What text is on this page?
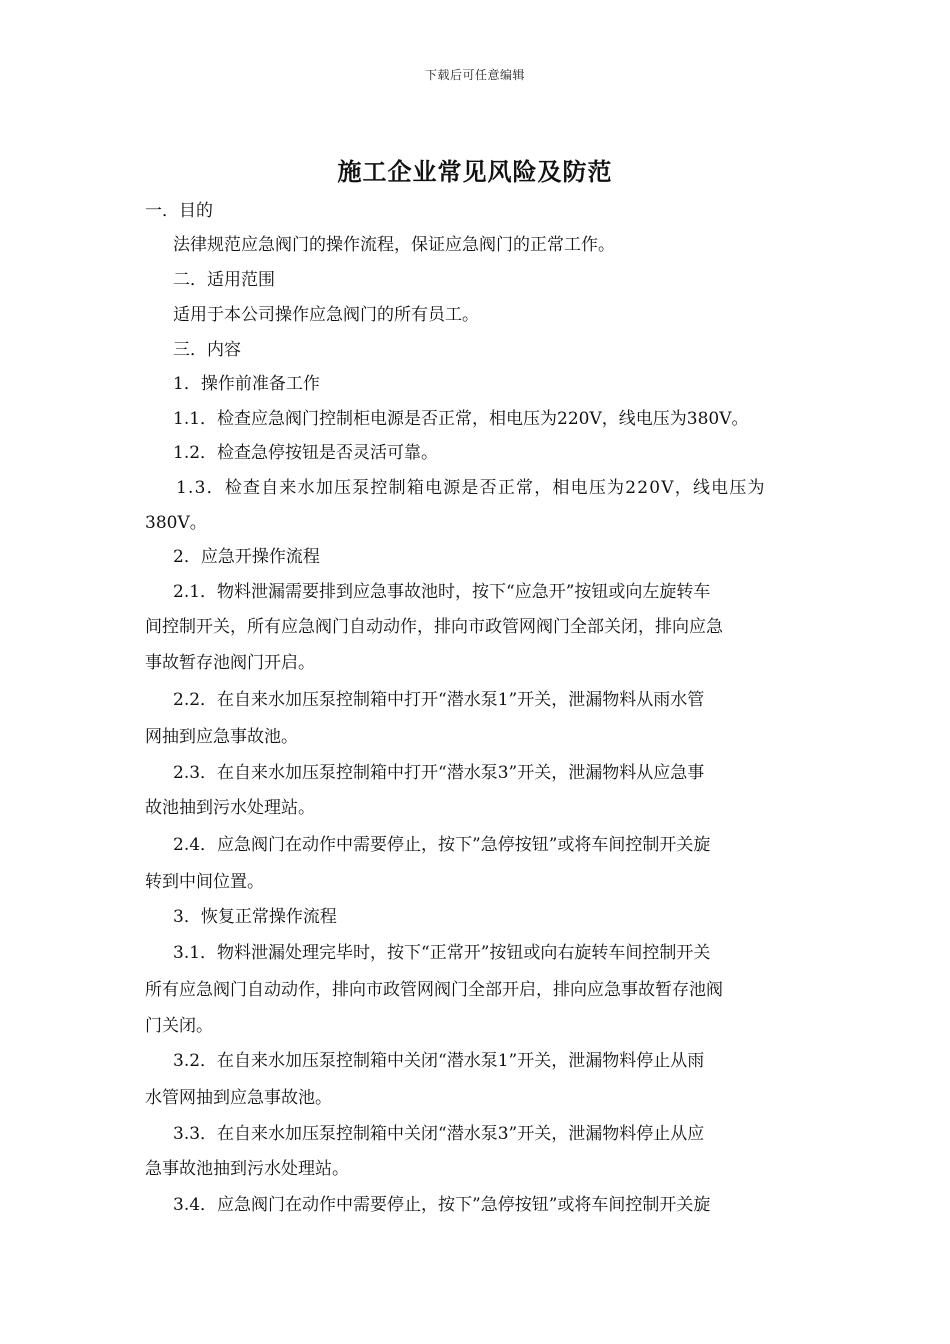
下载后可任意编辑
施工企业常见风险及防范
一．目的
法律规范应急阀门的操作流程，保证应急阀门的正常工作。
二．适用范围
适用于本公司操作应急阀门的所有员工。
三．内容
1．操作前准备工作
1.1．检查应急阀门控制柜电源是否正常，相电压为220V，线电压为380V。
1.2．检查急停按钮是否灵活可靠。
1.3．检查自来水加压泵控制箱电源是否正常，相电压为220V，线电压为
380V。
2．应急开操作流程
2.1．物料泄漏需要排到应急事故池时，按下“应急开”按钮或向左旋转车
间控制开关，所有应急阀门自动动作，排向市政管网阀门全部关闭，排向应急
事故暂存池阀门开启。
2.2．在自来水加压泵控制箱中打开“潜水泵1”开关，泄漏物料从雨水管
网抽到应急事故池。
2.3．在自来水加压泵控制箱中打开“潜水泵3”开关，泄漏物料从应急事
故池抽到污水处理站。
2.4．应急阀门在动作中需要停止，按下”急停按钮”或将车间控制开关旋
转到中间位置。
3．恢复正常操作流程
3.1．物料泄漏处理完毕时，按下“正常开”按钮或向右旋转车间控制开关
所有应急阀门自动动作，排向市政管网阀门全部开启，排向应急事故暂存池阀
门关闭。
3.2．在自来水加压泵控制箱中关闭“潜水泵1”开关，泄漏物料停止从雨
水管网抽到应急事故池。
3.3．在自来水加压泵控制箱中关闭“潜水泵3”开关，泄漏物料停止从应
急事故池抽到污水处理站。
3.4．应急阀门在动作中需要停止，按下”急停按钮”或将车间控制开关旋
